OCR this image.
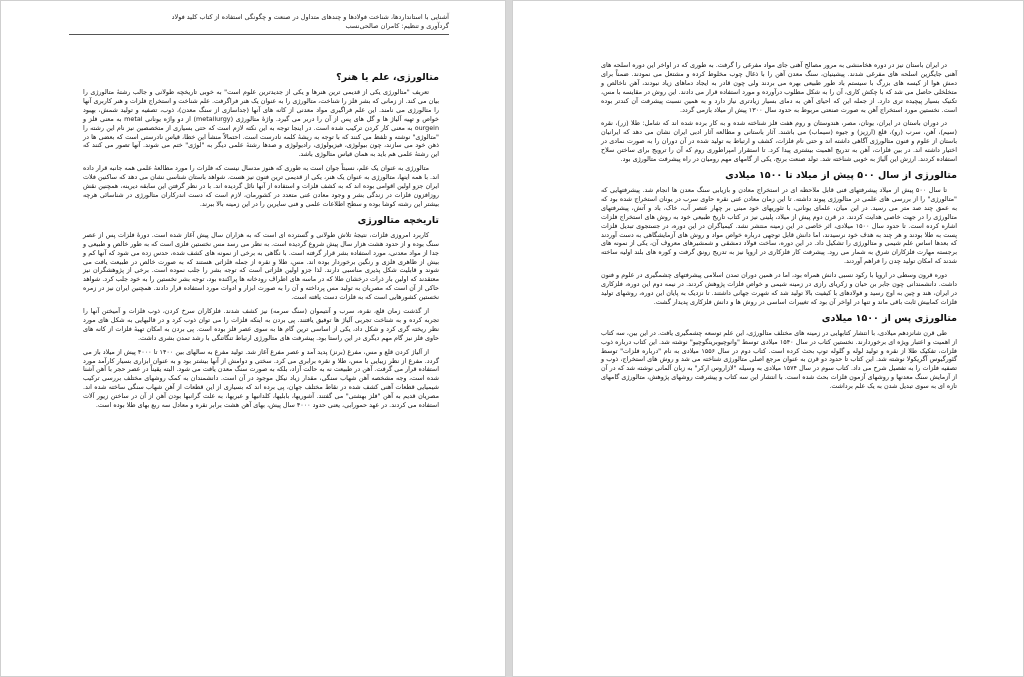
آشنایی با استانداردها، شناخت فولادها و چندهای متداول در صنعت و چگونگی استفاده از کتاب کلید فولاد
گردآوری و تنظیم: کامران صالحی‌نسب
متالورژی، علم یا هنر؟

تعریف "متالورژی یکی از قدیمی ترین هنرها و یکی از جدیدترین علوم است" به خوبی تاریخچه طولانی و جالب رشتهٔ متالورژی را بیان می کند. از زمانی که بشر فلز را شناخت، متالورژی را به عنوان یک هنر فراگرفت. علم شناخت و استخراج فلزات و هنر کاربری آنها را متالورژی می نامند. این علم فراگیری مواد معدنی از کانه های آنها (جداسازی از سنگ معدن)، ذوب، تصفیه و تولید شمش، بهبود خواص و تهیه آلیاژ ها و گل های پس از آن را دربر می گیرد. واژهٔ متالورژی (metallurgy) از دو واژه یونانی metal به معنی فلز و ourgein به معنی کار کردن ترکیب شده است. در اینجا توجه به این نکته لازم است که حتی بسیاری از متخصصین نیز نام این رشته را "متالوژی" نوشته و تلفظ می کنند که با توجه به ریشهٔ کلمه نادرست است. احتمالاً منشأ این خطا، قیاس نادرستی است که بعضی ها در ذهن خود می سازند، چون بیولوژی، فیزیولوژی، رادیولوژی و صدها رشتهٔ علمی دیگر به "لوژی" ختم می شوند. آنها تصور می کنند که این رشتهٔ علمی هم باید به همان قیاس متالوژی باشد.

متالورژی به عنوان یک علم، نسبتاً جوان است به طوری که هنوز مدسال نیست که فلزات را مورد مطالعهٔ علمی همه جانبه قرار داده اند. با همه اینها، متالورژی به عنوان یک هنر، یکی از قدیمی ترین فنون نیز هست. شواهد باستان شناسی نشان می دهد که ساکنین فلات ایران جزو اولین اقوامی بوده اند که به کشف فلزات و استفاده از آنها نائل گردیده اند. با در نظر گرفتن این سابقه دیرینه، همچنین نقش روزافزون فلزات در زندگی بشر و وجود معادن غنی متعدد در کشورمان، لازم است که دست اندرکاران متالورژی در شناسائی هرچه بیشتر این رشته کوشا بوده و سطح اطلاعات علمی و فنی سایرین را در این زمینه بالا ببرند.

تاریخچه متالورژی

کاربرد امروزی فلزات، نتیجهٔ تلاش طولانی و گسترده ای است که به هزاران سال پیش آغاز شده است. دورهٔ فلزات پس از عصر سنگ بوده و از حدود هشت هزار سال پیش شروع گردیده است. به نظر می رسد مس نخستین فلزی است که به طور خالص و طبیعی و جدا از مواد معدنی، مورد استفاده بشر قرار گرفته است. با نگاهی به برخی از نمونه های کشف شده، حدس زده می شود که آنها کم و بیش از ظاهری فلزی و رنگین برخوردار بوده اند. مس، طلا و نقره از جمله فلزاتی هستند که به صورت خالص در طبیعت یافت می شوند و قابلیت شکل پذیری مناسبی دارند. لذا جزو اولین فلزاتی است که توجه بشر را جلب نموده است. برخی از پژوهشگران نیز معتقدند که اولین بار ذرات درخشان طلا که در ماسه های اطراف رودخانه ها پراکنده بود، توجه بشر نخستین را به خود جلب کرد. شواهد حاکی از آن است که مصریان به تولید مس پرداخته و آن را به صورت ابزار و ادوات مورد استفاده قرار دادند. همچنین ایران نیز در زمره نخستین کشورهایی است که به فلزات دست یافته است.

از گذشت زمان قلع، نقره، سرب و آنتیموان (سنگ سرمه) نیز کشف شدند. فلزکاران سرخ کردن، ذوب فلزات و آمیختن آنها را تجربه کرده و به شناخت تجربی آلیاژ ها توفیق یافتند. پی بردن به اینکه فلزات را می توان ذوب کرد و در قالبهایی به شکل های مورد نظر ریخته گری کرد و شکل داد، یکی از اساسی ترین گام ها به سوی عصر فلز بوده است. پی بردن به امکان تهیهٔ فلزات از کانه های حاوی فلز نیز گام مهم دیگری در این راستا بود. پیشرفت های متالورژی ارتباط تنگاتنگی با رشد تمدن بشری داشت.

از آلیاژ کردن قلع و مس، مفرغ (برنز) پدید آمد و عصر مفرغ آغاز شد. تولید مفرغ به سالهای بین ۱۴۰۰ تا ۴۰۰۰ پیش از میلاد باز می گردد. مفرغ از نظر زیبایی با مس، طلا و نقره برابری می کرد. سختی و دوامش از آنها بیشتر بود و به عنوان ابزاری بسیار کارآمد مورد استفاده قرار می گرفت. آهن در طبیعت نه به حالت آزاد، بلکه به صورت سنگ معدن یافت می شود. البته یقیناً در عصر حجر با آهن آشنا شده است، وجه مشخصه آهن شهاب سنگی، مقدار زیاد نیکل موجود در آن است. دانشمندان به کمک روشهای مختلف بررسی ترکیب شیمیایی قطعات آهنی کشف شده در نقاط مختلف جهان، پی برده اند که بسیاری از این قطعات از آهن شهاب سنگی ساخته شده اند. مصریان قدیم به آهن "فلز بهشتی" می گفتند. آشوریها، بابلیها، کلدانیها و عبریها، به علت گرانبها بودن آهن از آن در ساختن زیور آلات استفاده می کردند. در عهد حمورابی، یعنی حدود ۴۰۰۰ سال پیش، بهای آهن هشت برابر نقره و معادل سه ربع بهای طلا بوده است.

در ایران باستان نیز در دوره هخامنشی به مرور مصالح آهنی جای مواد مفرغی را گرفت. به طوری که در اواخر این دوره اسلحه های آهنی جایگزین اسلحه های مفرغی شدند. پیشینیان، سنگ معدن آهن را با ذغال چوب مخلوط کرده و مشتعل می نمودند. ضمناً برای دمش هوا از کیسه های بزرگ با سیستم باد طور طبیعی بهره می بردند ولی چون قادر به ایجاد دماهای زیاد نبودند، آهن ناخالص و متخلخلی حاصل می شد که با چکش کاری، آن را به شکل مطلوب درآورده و مورد استفاده قرار می دادند. این روش در مقایسه با مس، تکنیک بسیار پیچیده تری دارد. از جمله این که احیای آهن به دمای بسیار زیادتری نیاز دارد و به همین نسبت پیشرفت آن کندتر بوده است. نخستین مورد استخراج آهن به صورت صنعتی مربوط به حدود سال ۱۳۰۰ پیش از میلاد بازمی گردد.

در دوران باستان در ایران، یونان، مصر، هندوستان و روم هفت فلز شناخته شده و به کار برده شده اند که شامل: طلا (زر)، نقره (سیم)، آهن، سرب (رو)، قلع (ارزیز) و جیوه (سیماب) می باشند. آثار باستانی و مطالعه آثار ادبی ایران نشان می دهد که ایرانیان باستان از علوم و فنون متالورژی آگاهی داشته اند و حتی نام فلزات، کشف و ارتباط به تولید شده در آن دوران را به صورت نمادی در اختیار داشته اند. در بین فلزات، آهن به تدریج اهمیت بیشتری پیدا کرد. تا استقرار امپراطوری روم که آن را ترویج برای ساختن سلاح استفاده کردند. ارزش این آلیاژ به خوبی شناخته شد. تولد صنعت برنج، یکی از گامهای مهم رومیان در راه پیشرفت متالورژی بود.

متالورژی از سال ۵۰۰ پیش از میلاد تا ۱۵۰۰ میلادی

تا سال ۵۰۰ پیش از میلاد پیشرفتهای فنی قابل ملاحظه ای در استخراج معادن و بازیابی سنگ معدن ها انجام شد. پیشرفتهایی که "متالورژی" را از بررسی های علمی در متالورژی پیوند داشته. تا این زمان معادن غنی نقره حاوی سرب در یونان استخراج شده بود که به عمق چند صد متر می رسید. در این میان، علمای یونانی، با تئوریهای خود مبنی بر چهار عنصر آب، خاک، باد و آتش، پیشرفتهای متالورژی را در جهت خاصی هدایت کردند. در قرن دوم پیش از میلاد، پلینی نیز در کتاب تاریخ طبیعی خود به روش های استخراج فلزات اشاره کرده است. تا حدود سال ۱۵۰۰ میلادی، اثر خاصی در این زمینه منتشر نشد. کیمیاگران در این دوره، در جستجوی تبدیل فلزات پست به طلا بودند و هر چند به هدف خود نرسیدند، اما دانش قابل توجهی درباره خواص مواد و روش های آزمایشگاهی به دست آوردند که بعدها اساس علم شیمی و متالورژی را تشکیل داد. در این دوره، ساخت فولاد دمشقی و شمشیرهای معروف آن، یکی از نمونه های برجسته مهارت فلزکاران شرق به شمار می رود. پیشرفت کار فلزکاری در اروپا نیز به تدریج رونق گرفت و کوره های بلند اولیه ساخته شدند که امکان تولید چدن را فراهم آوردند.

دوره قرون وسطی در اروپا با رکود نسبی دانش همراه بود، اما در همین دوران تمدن اسلامی پیشرفتهای چشمگیری در علوم و فنون داشت. دانشمندانی چون جابر بن حیان و زکریای رازی در زمینه شیمی و خواص فلزات پژوهش کردند. در نیمه دوم این دوره، فلزکاری در ایران، هند و چین به اوج رسید و فولادهای با کیفیت بالا تولید شد که شهرت جهانی داشتند. تا نزدیک به پایان این دوره، روشهای تولید فلزات کمابیش ثابت باقی ماند و تنها در اواخر آن بود که تغییرات اساسی در روش ها و دانش فلزکاری پدیدار گشت.

متالورژی پس از ۱۵۰۰ میلادی

طی قرن شانزدهم میلادی، با انتشار کتابهایی در زمینه های مختلف متالورژی، این علم توسعه چشمگیری یافت. در این بین، سه کتاب از اهمیت و اعتبار ویژه ای برخوردارند. نخستین کتاب در سال ۱۵۴۰ میلادی توسط "وانوچیوبرینگوچیو" نوشته شد. این کتاب درباره ذوب فلزات، تفکیک طلا از نقره و تولید لوله و گلوله توپ بحث کرده است. کتاب دوم در سال ۱۵۵۶ میلادی به نام "درباره فلزات" توسط گئورگیوس آگریکولا نوشته شد. این کتاب تا حدود دو قرن به عنوان مرجع اصلی متالورژی شناخته می شد و روش های استخراج، ذوب و تصفیه فلزات را به تفصیل شرح می داد. کتاب سوم در سال ۱۵۷۴ میلادی به وسیله "لازاروس ارکر" به زبان آلمانی نوشته شد که در آن از آزمایش سنگ معدنها و روشهای آزمون فلزات بحث شده است. با انتشار این سه کتاب و پیشرفت روشهای پژوهش، متالورژی گامهای تازه ای به سوی تبدیل شدن به یک علم برداشت.
